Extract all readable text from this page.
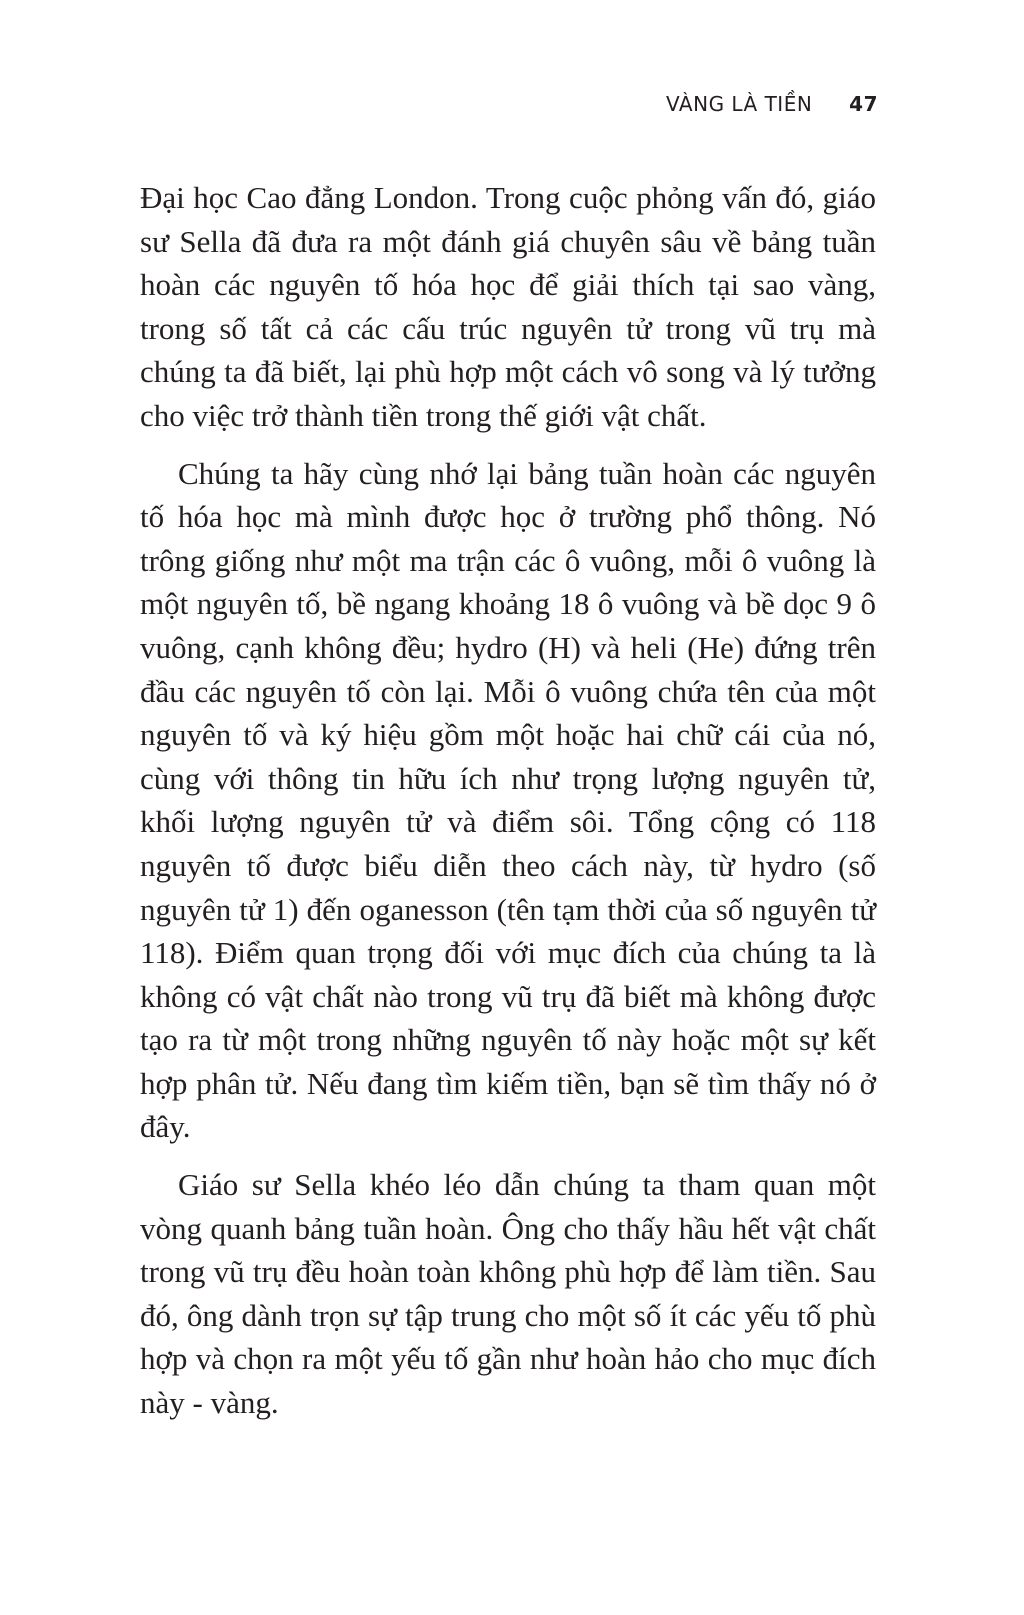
VÀNG LÀ TIỀN 47

Đại học Cao đẳng London. Trong cuộc phỏng vấn đó, giáo sư Sella đã đưa ra một đánh giá chuyên sâu về bảng tuần hoàn các nguyên tố hóa học để giải thích tại sao vàng, trong số tất cả các cấu trúc nguyên tử trong vũ trụ mà chúng ta đã biết, lại phù hợp một cách vô song và lý tưởng cho việc trở thành tiền trong thế giới vật chất.

Chúng ta hãy cùng nhớ lại bảng tuần hoàn các nguyên tố hóa học mà mình được học ở trường phổ thông. Nó trông giống như một ma trận các ô vuông, mỗi ô vuông là một nguyên tố, bề ngang khoảng 18 ô vuông và bề dọc 9 ô vuông, cạnh không đều; hydro (H) và heli (He) đứng trên đầu các nguyên tố còn lại. Mỗi ô vuông chứa tên của một nguyên tố và ký hiệu gồm một hoặc hai chữ cái của nó, cùng với thông tin hữu ích như trọng lượng nguyên tử, khối lượng nguyên tử và điểm sôi. Tổng cộng có 118 nguyên tố được biểu diễn theo cách này, từ hydro (số nguyên tử 1) đến oganesson (tên tạm thời của số nguyên tử 118). Điểm quan trọng đối với mục đích của chúng ta là không có vật chất nào trong vũ trụ đã biết mà không được tạo ra từ một trong những nguyên tố này hoặc một sự kết hợp phân tử. Nếu đang tìm kiếm tiền, bạn sẽ tìm thấy nó ở đây.

Giáo sư Sella khéo léo dẫn chúng ta tham quan một vòng quanh bảng tuần hoàn. Ông cho thấy hầu hết vật chất trong vũ trụ đều hoàn toàn không phù hợp để làm tiền. Sau đó, ông dành trọn sự tập trung cho một số ít các yếu tố phù hợp và chọn ra một yếu tố gần như hoàn hảo cho mục đích này - vàng.
